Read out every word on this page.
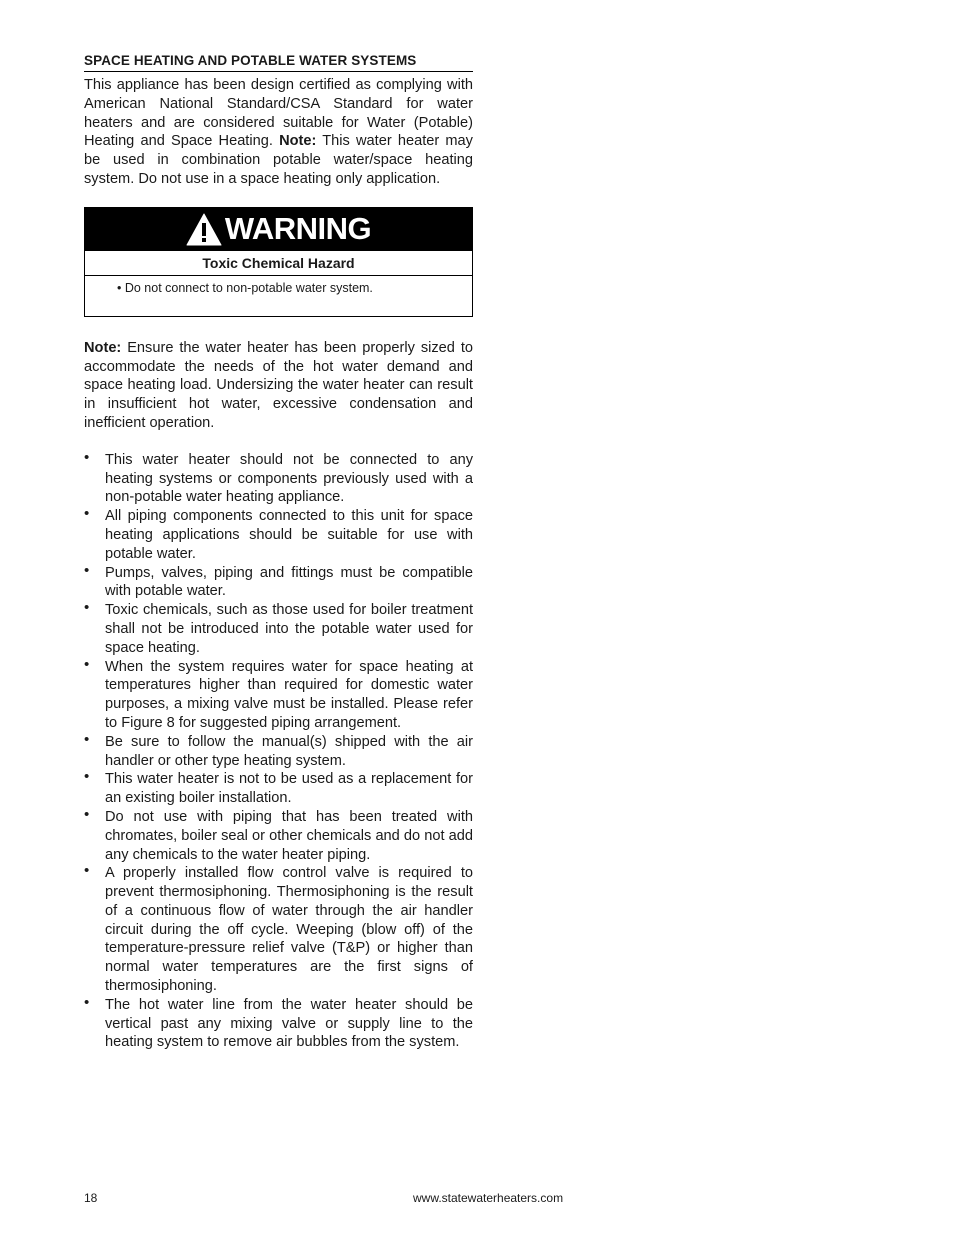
SPACE HEATING AND POTABLE WATER SYSTEMS

This appliance has been design certified as complying with American National Standard/CSA Standard for water heaters and are considered suitable for Water (Potable) Heating and Space Heating. Note: This water heater may be used in combination potable water/space heating system. Do not use in a space heating only application.

WARNING
Toxic Chemical Hazard
• Do not connect to non-potable water system.

Note: Ensure the water heater has been properly sized to accommodate the needs of the hot water demand and space heating load. Undersizing the water heater can result in insufficient hot water, excessive condensation and inefficient operation.

• This water heater should not be connected to any heating systems or components previously used with a non-potable water heating appliance.
• All piping components connected to this unit for space heating applications should be suitable for use with potable water.
• Pumps, valves, piping and fittings must be compatible with potable water.
• Toxic chemicals, such as those used for boiler treatment shall not be introduced into the potable water used for space heating.
• When the system requires water for space heating at temperatures higher than required for domestic water purposes, a mixing valve must be installed. Please refer to Figure 8 for suggested piping arrangement.
• Be sure to follow the manual(s) shipped with the air handler or other type heating system.
• This water heater is not to be used as a replacement for an existing boiler installation.
• Do not use with piping that has been treated with chromates, boiler seal or other chemicals and do not add any chemicals to the water heater piping.
• A properly installed flow control valve is required to prevent thermosiphoning. Thermosiphoning is the result of a continuous flow of water through the air handler circuit during the off cycle. Weeping (blow off) of the temperature-pressure relief valve (T&P) or higher than normal water temperatures are the first signs of thermosiphoning.
• The hot water line from the water heater should be vertical past any mixing valve or supply line to the heating system to remove air bubbles from the system.
18	www.statewaterheaters.com
